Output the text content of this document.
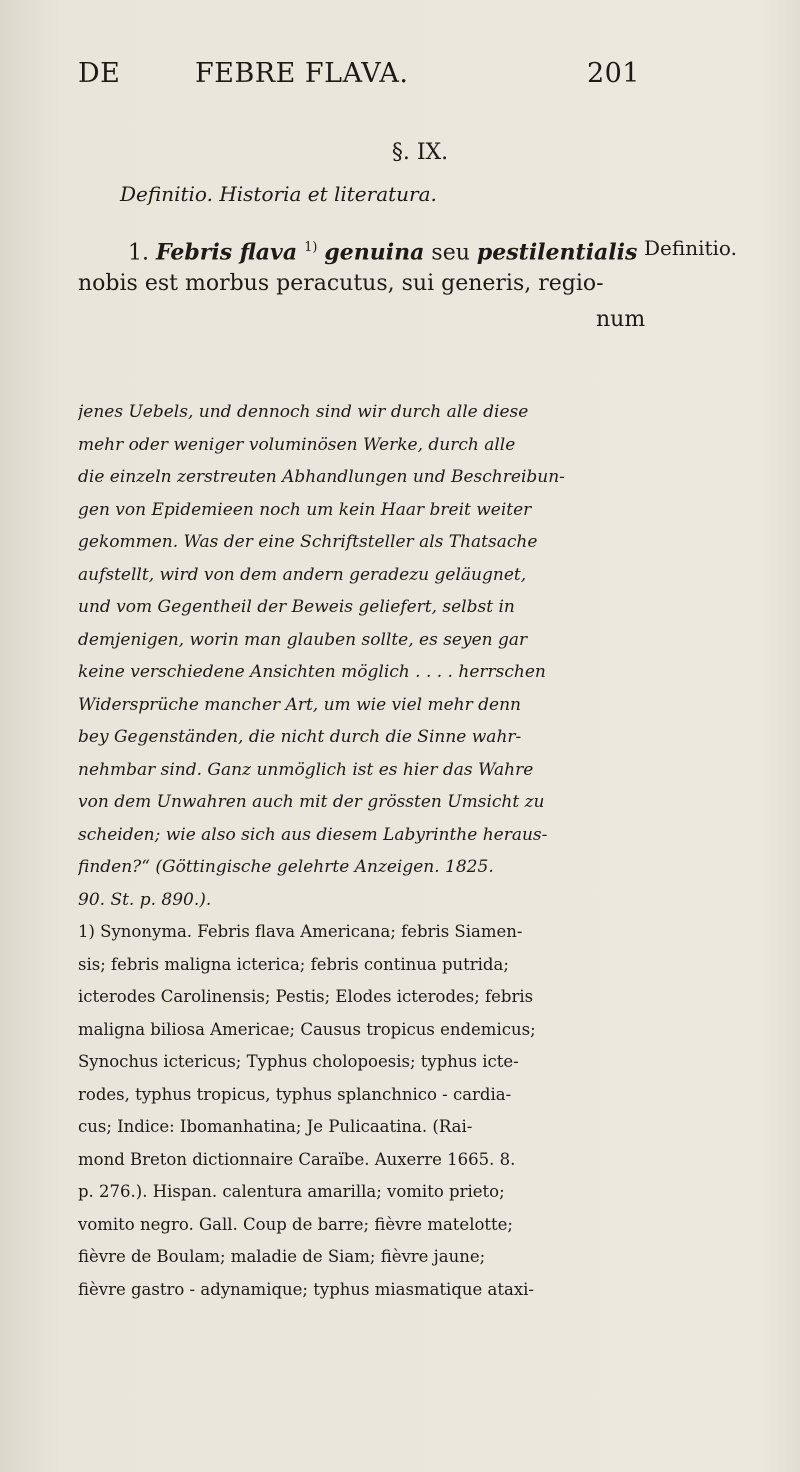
DE	FEBRE FLAVA.	201
§. IX.
Definitio. Historia et literatura.
1. Febris flava $^{1)}$ genuina seu pestilentialis
nobis est morbus peracutus, sui generis, regio-
num
Definitio.
jenes Uebels, und dennoch sind wir durch alle diese
mehr oder weniger voluminösen Werke, durch alle
die einzeln zerstreuten Abhandlungen und Beschreibun-
gen von Epidemieen noch um kein Haar breit weiter
gekommen. Was der eine Schriftsteller als Thatsache
aufstellt, wird von dem andern geradezu geläugnet,
und vom Gegentheil der Beweis geliefert, selbst in
demjenigen, worin man glauben sollte, es seyen gar
keine verschiedene Ansichten möglich . . . . herrschen
Widersprüche mancher Art, um wie viel mehr denn
bey Gegenständen, die nicht durch die Sinne wahr-
nehmbar sind. Ganz unmöglich ist es hier das Wahre
von dem Unwahren auch mit der grössten Umsicht zu
scheiden; wie also sich aus diesem Labyrinthe heraus-
finden?“ (Göttingische gelehrte Anzeigen. 1825.
90. St. p. 890.).
1) Synonyma. Febris flava Americana; febris Siamen-
sis; febris maligna icterica; febris continua putrida;
icterodes Carolinensis; Pestis; Elodes icterodes; febris
maligna biliosa Americae; Causus tropicus endemicus;
Synochus ictericus; Typhus cholopoesis; typhus icte-
rodes, typhus tropicus, typhus splanchnico - cardia-
cus; Indice: Ibomanhatina; Je Pulicaatina. (Rai-
mond Breton dictionnaire Caraïbe. Auxerre 1665. 8.
p. 276.). Hispan. calentura amarilla; vomito prieto;
vomito negro. Gall. Coup de barre; fièvre matelotte;
fièvre de Boulam; maladie de Siam; fièvre jaune;
fièvre gastro - adynamique; typhus miasmatique ataxi-
